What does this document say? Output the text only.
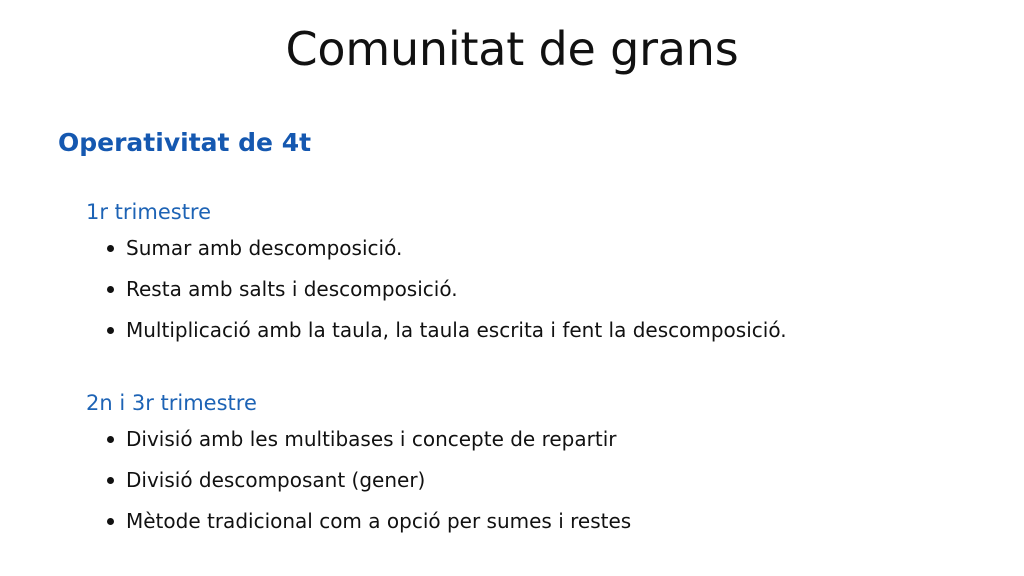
Comunitat de grans
Operativitat de 4t
1r trimestre
Sumar amb descomposició.
Resta amb salts i descomposició.
Multiplicació amb la taula, la taula escrita i fent la descomposició.
2n i 3r trimestre
Divisió amb les multibases i concepte de repartir
Divisió descomposant (gener)
Mètode tradicional com a opció per sumes i restes
